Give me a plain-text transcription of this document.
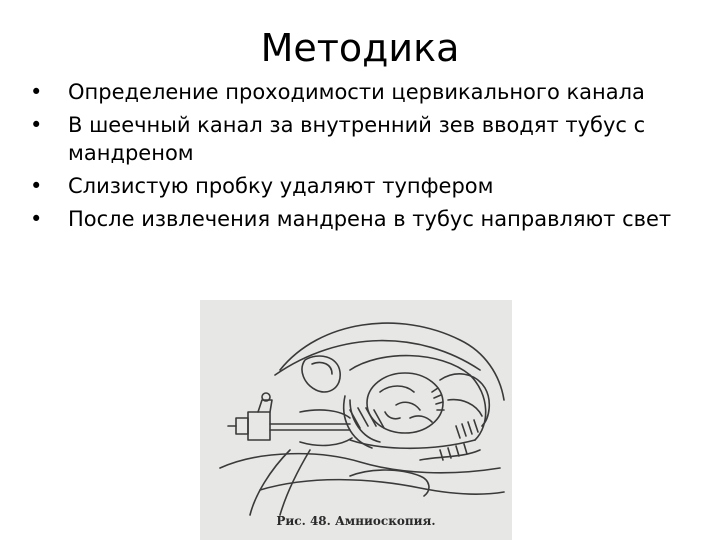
Методика
•	Определение проходимости цервикального канала
•	В шеечный канал за внутренний зев вводят тубус с мандреном
•	Слизистую пробку удаляют тупфером
•	После извлечения мандрена в тубус направляют свет
Рис. 48. Амниоскопия.
